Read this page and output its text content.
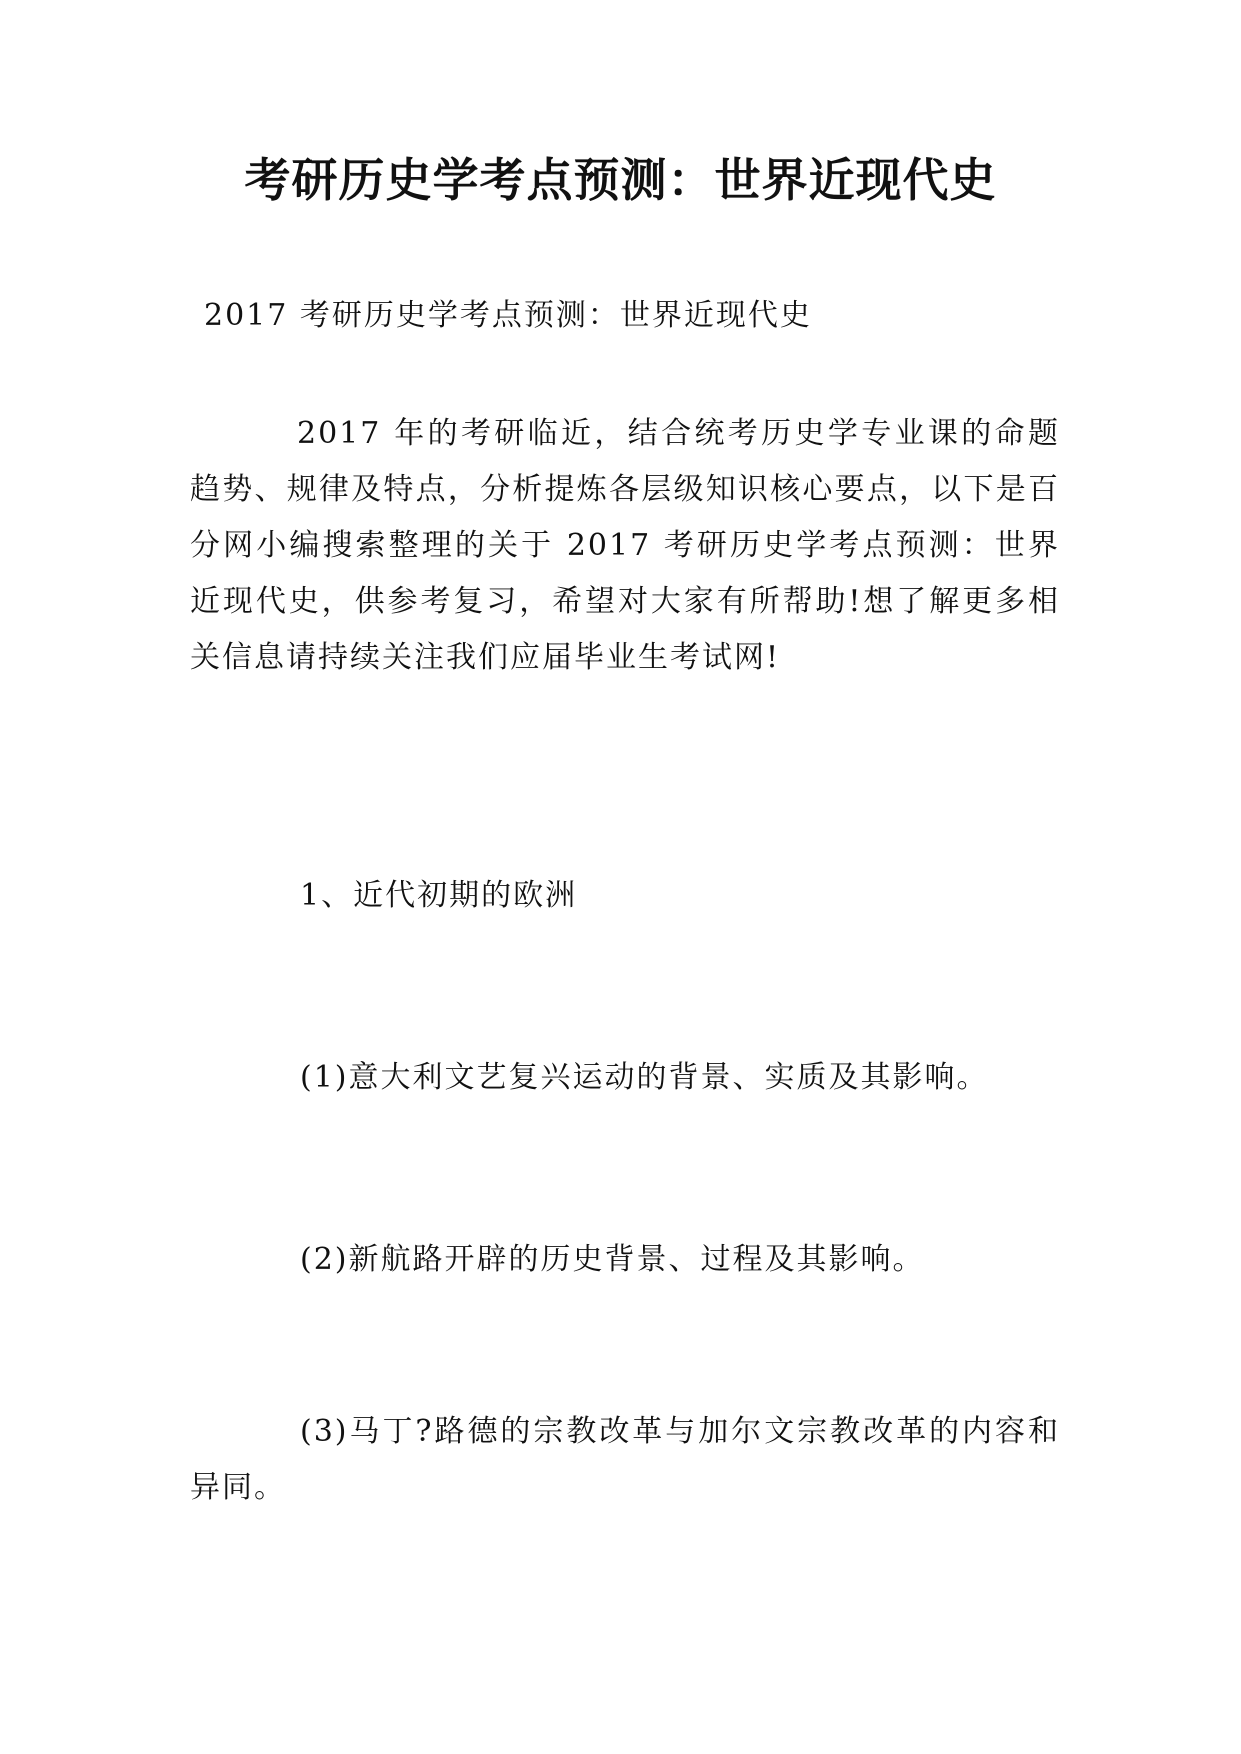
考研历史学考点预测：世界近现代史
2017 考研历史学考点预测：世界近现代史
2017 年的考研临近，结合统考历史学专业课的命题趋势、规律及特点，分析提炼各层级知识核心要点，以下是百分网小编搜索整理的关于 2017 考研历史学考点预测：世界近现代史，供参考复习，希望对大家有所帮助!想了解更多相关信息请持续关注我们应届毕业生考试网!
1、近代初期的欧洲
(1)意大利文艺复兴运动的背景、实质及其影响。
(2)新航路开辟的历史背景、过程及其影响。
(3)马丁?路德的宗教改革与加尔文宗教改革的内容和异同。
